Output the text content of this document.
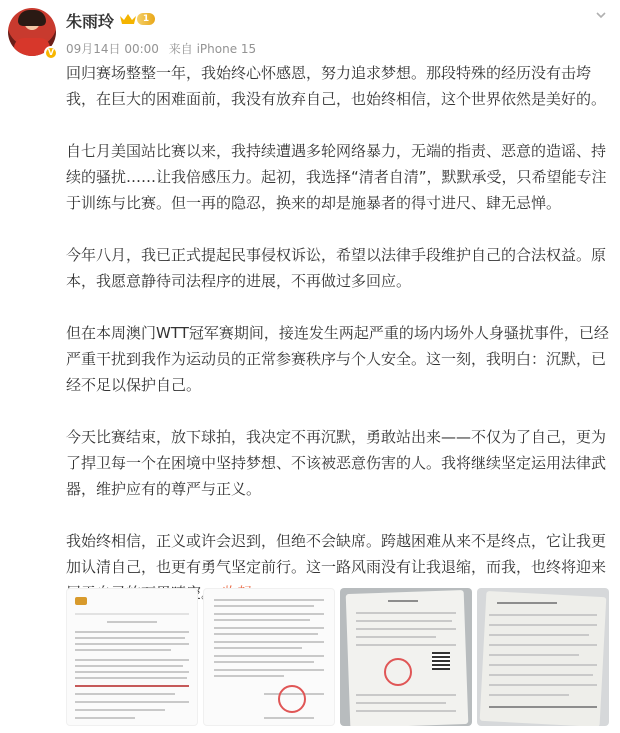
V
朱雨玲	1
09月14日 00:00 来自 iPhone 15

回归赛场整整一年，我始终心怀感恩，努力追求梦想。那段特殊的经历没有击垮我，在巨大的困难面前，我没有放弃自己，也始终相信，这个世界依然是美好的。

自七月美国站比赛以来，我持续遭遇多轮网络暴力，无端的指责、恶意的造谣、持续的骚扰……让我倍感压力。起初，我选择“清者自清”，默默承受，只希望能专注于训练与比赛。但一再的隐忍，换来的却是施暴者的得寸进尺、肆无忌惮。

今年八月，我已正式提起民事侵权诉讼，希望以法律手段维护自己的合法权益。原本，我愿意静待司法程序的进展，不再做过多回应。

但在本周澳门WTT冠军赛期间，接连发生两起严重的场内场外人身骚扰事件，已经严重干扰到我作为运动员的正常参赛秩序与个人安全。这一刻，我明白：沉默，已经不足以保护自己。

今天比赛结束，放下球拍，我决定不再沉默，勇敢站出来——不仅为了自己，更为了捍卫每一个在困境中坚持梦想、不该被恶意伤害的人。我将继续坚定运用法律武器，维护应有的尊严与正义。

我始终相信，正义或许会迟到，但绝不会缺席。跨越困难从来不是终点，它让我更加认清自己，也更有勇气坚定前行。这一路风雨没有让我退缩，而我，也终将迎来 空。
